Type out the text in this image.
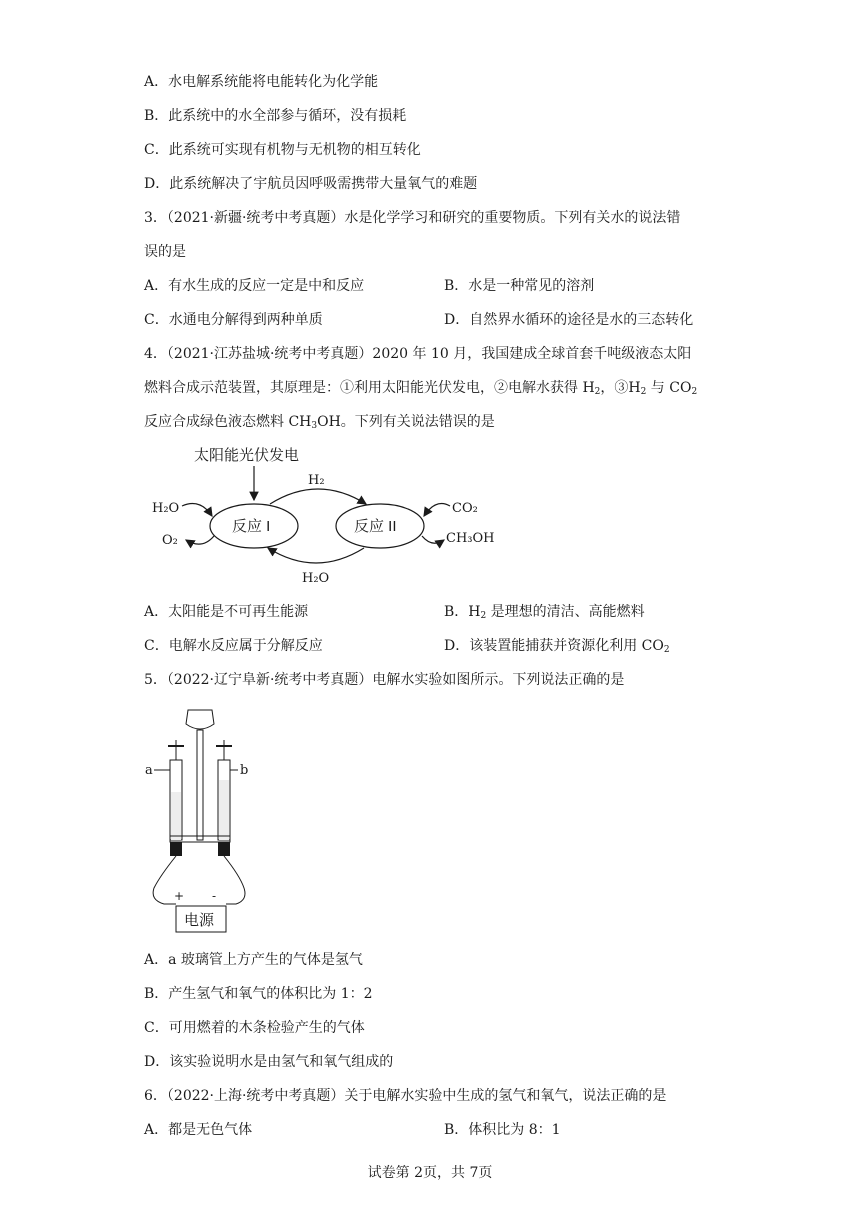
A．水电解系统能将电能转化为化学能
B．此系统中的水全部参与循环，没有损耗
C．此系统可实现有机物与无机物的相互转化
D．此系统解决了宇航员因呼吸需携带大量氧气的难题
3．（2021·新疆·统考中考真题）水是化学学习和研究的重要物质。下列有关水的说法错
误的是
A．有水生成的反应一定是中和反应	B．水是一种常见的溶剂
C．水通电分解得到两种单质	D．自然界水循环的途径是水的三态转化
4．（2021·江苏盐城·统考中考真题）2020 年 10 月，我国建成全球首套千吨级液态太阳
燃料合成示范装置，其原理是：①利用太阳能光伏发电，②电解水获得 $H_2$，$③H_2$ 与 $CO_2$
反应合成绿色液态燃料 $CH_3OH$。下列有关说法错误的是
太阳能光伏发电
反应 I	反应 II
H₂
H₂O
H₂O
O₂
CO₂
CH₃OH
A．太阳能是不可再生能源	B．$H_2$ 是理想的清洁、高能燃料
C．电解水反应属于分解反应	D．该装置能捕获并资源化利用 $CO_2$
5．（2022·辽宁阜新·统考中考真题）电解水实验如图所示。下列说法正确的是
a	b
+ -
电源
A．a 玻璃管上方产生的气体是氢气
B．产生氢气和氧气的体积比为 1：2
C．可用燃着的木条检验产生的气体
D．该实验说明水是由氢气和氧气组成的
6．（2022·上海·统考中考真题）关于电解水实验中生成的氢气和氧气，说法正确的是
A．都是无色气体	B．体积比为 8：1
试卷第 2页，共 7页
